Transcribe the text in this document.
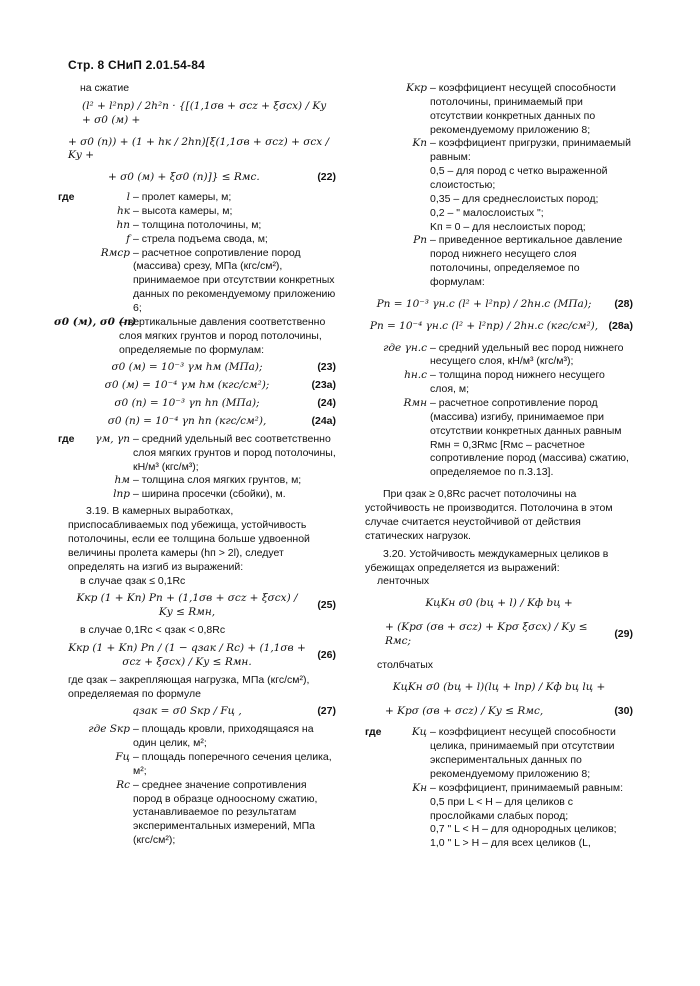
Стр. 8 СНиП 2.01.54-84

на сжатие

(l² + l²пр) / 2h²п · {[(1,1σв + σcz + ξσcx) / Kу + σ0 (м) +
+ σ0 (п)) + (1 + hк / 2hп)[ξ(1,1σв + σcz) + σcx / Kу +
+ σ0 (м) + ξσ0 (п)]} ≤ Rмс.	(22)
где	l – пролет камеры, м;
hк – высота камеры, м;
hп – толщина потолочины, м;
f – стрела подъема свода, м;
Rмср – расчетное сопротивление пород (массива) срезу, МПа (кгс/см²), принимаемое при отсутствии конкретных данных по рекомендуемому приложению 6;
σ0 (м), σ0 (п)
– вертикальные давления соответственно слоя мягких грунтов и пород потолочины, определяемые по формулам:
σ0 (м) = 10⁻³ γм hм (МПа);	(23)
σ0 (м) = 10⁻⁴ γм hм (кгс/см²);	(23а)
σ0 (п) = 10⁻³ γп hп (МПа);	(24)
σ0 (п) = 10⁻⁴ γп hп (кгс/см²),	(24а)
где	γм, γп – средний удельный вес соответственно слоя мягких грунтов и пород потолочины, кН/м³ (кгс/м³);
hм – толщина слоя мягких грунтов, м;
lпр – ширина просечки (сбойки), м.

3.19. В камерных выработках, приспосабливаемых под убежища, устойчивость потолочины, если ее толщина больше удвоенной величины пролета камеры (hп > 2l), следует определять на изгиб из выражений:

в случае qзак ≤ 0,1Rc

Kкр (1 + Kп) Pп + (1,1σв + σcz + ξσcx) / Kу ≤ Rмн,
(25)

в случае 0,1Rc < qзак < 0,8Rc

Kкр (1 + Kп) Pп / (1 − qзак / Rc) + (1,1σв + σcz + ξσcx) / Kу ≤ Rмн.
(26)

где qзак – закрепляющая нагрузка, МПа (кгс/см²), определяемая по формуле

qзак = σ0 Sкр / Fц ,	(27)
где Sкр – площадь кровли, приходящаяся на один целик, м²;
Fц – площадь поперечного сечения целика, м²;
Rc – среднее значение сопротивления пород в образце одноосному сжатию, устанавливаемое по результатам экспериментальных измерений, МПа (кгс/см²);
Kкр – коэффициент несущей способности потолочины, принимаемый при отсутствии конкретных данных по рекомендуемому приложению 8;
Kп – коэффициент пригрузки, принимаемый равным:

0,5 – для пород с четко выраженной слоистостью;

0,35 – для среднеслоистых пород;

0,2 – " малослоистых ";

Kп = 0 – для неслоистых пород;

Pп – приведенное вертикальное давление пород нижнего несущего слоя потолочины, определяемое по формулам:
Pп = 10⁻³ γн.с (l² + l²пр) / 2hн.с (МПа);	(28)
Pп = 10⁻⁴ γн.с (l² + l²пр) / 2hн.с (кгс/см²), (28а)
где γн.с – средний удельный вес пород нижнего несущего слоя, кН/м³ (кгс/м³);
hн.с – толщина пород нижнего несущего слоя, м;
Rмн – расчетное сопротивление пород (массива) изгибу, принимаемое при отсутствии конкретных данных равным Rмн = 0,3Rмс [Rмс – расчетное сопротивление пород (массива) сжатию, определяемое по п.3.13].

При qзак ≥ 0,8Rc расчет потолочины на устойчивость не производится. Потолочина в этом случае считается неустойчивой от действия статических нагрузок.

3.20. Устойчивость междукамерных целиков в убежищах определяется из выражений:

ленточных

KцKн σ0 (bц + l) / Kф bц +
+ (Kpσ (σв + σcz) + Kpσ ξσcx) / Kу ≤ Rмс;
(29)

столбчатых

KцKн σ0 (bц + l)(lц + lпр) / Kф bц lц +
+ Kpσ (σв + σcz) / Kу ≤ Rмс,	(30)
где	Kц – коэффициент несущей способности целика, принимаемый при отсутствии экспериментальных данных по рекомендуемому приложению 8;
Kн – коэффициент, принимаемый равным:

0,5 при L < H – для целиков с прослойками слабых пород;

0,7 " L < H – для однородных целиков;

1,0 " L > H – для всех целиков (L,
